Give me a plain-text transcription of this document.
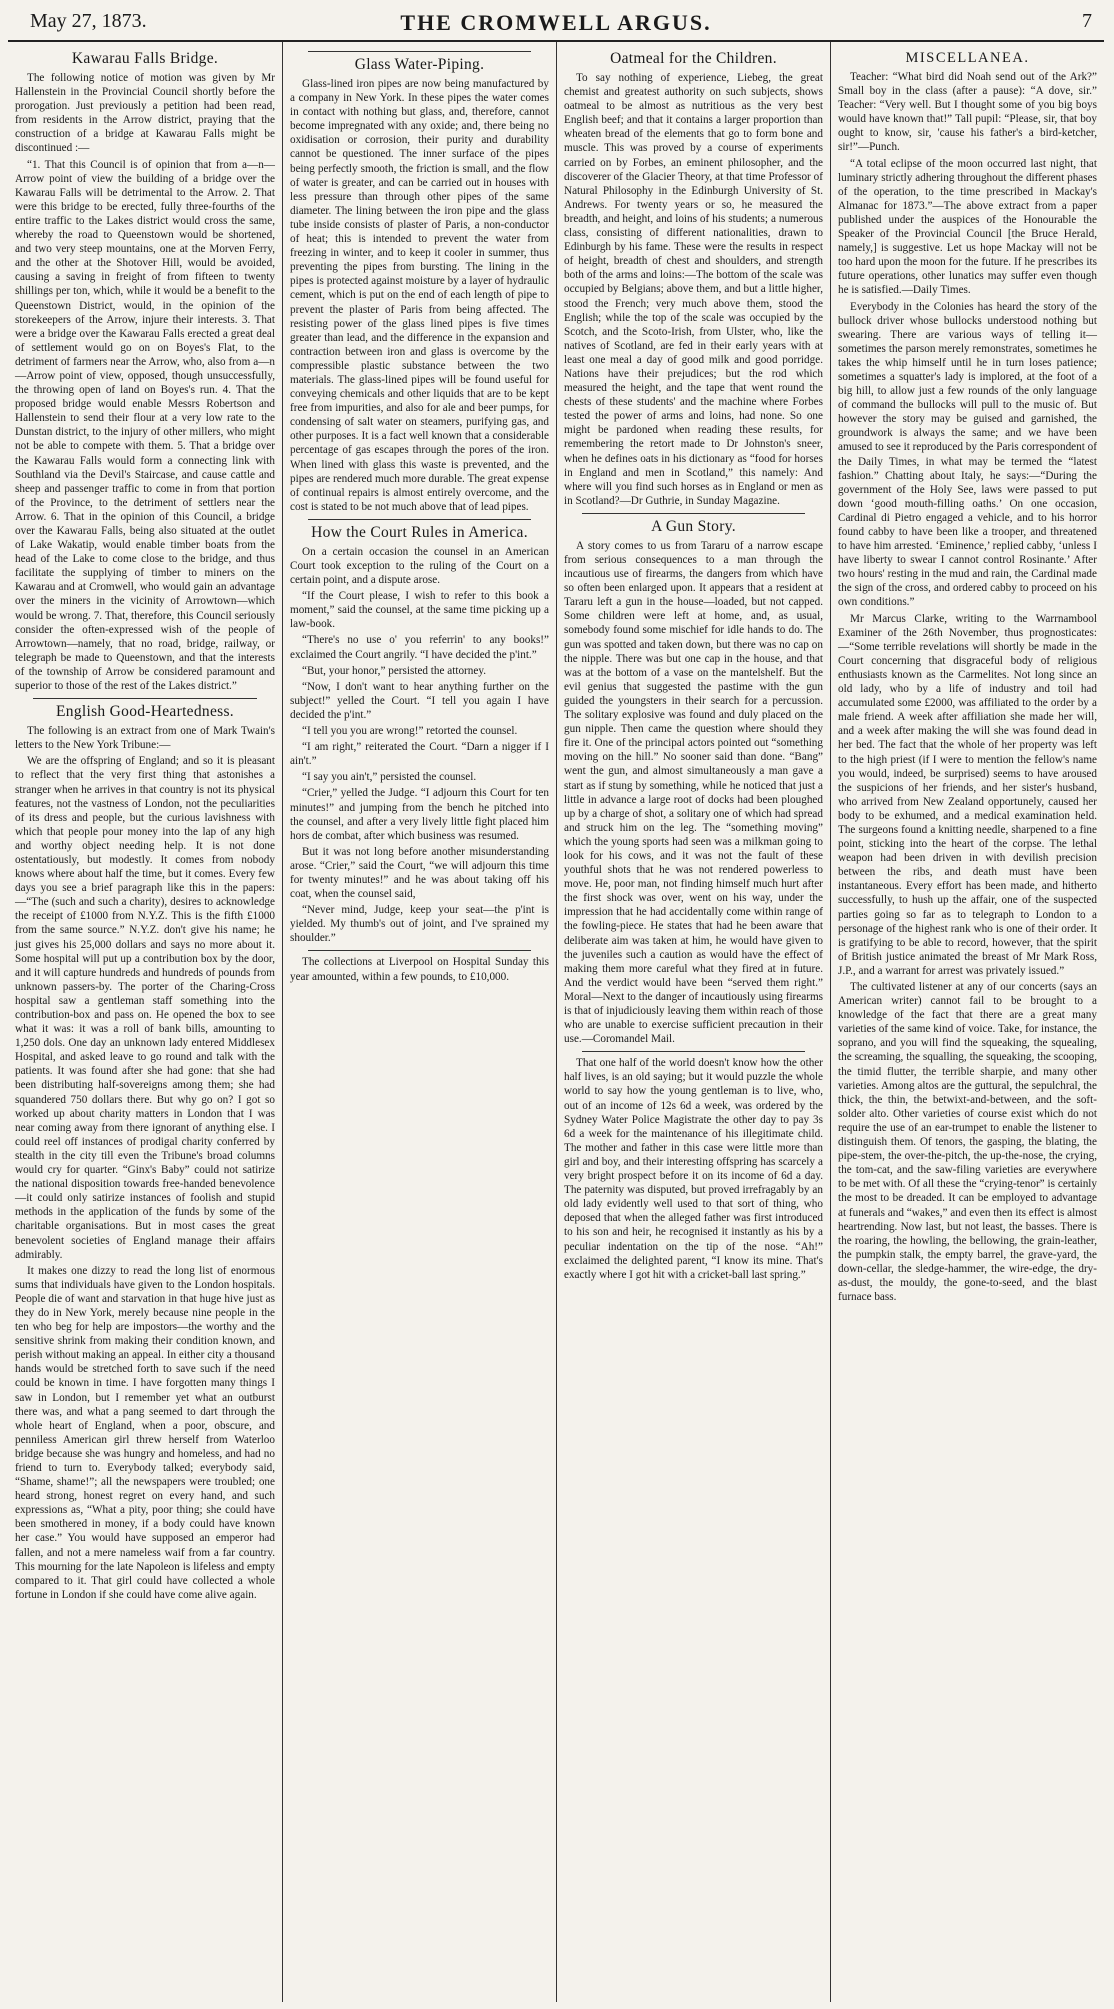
May 27, 1873.	THE CROMWELL ARGUS.	7
Kawarau Falls Bridge.

The following notice of motion was given by Mr Hallenstein in the Provincial Council shortly before the prorogation. Just previously a petition had been read, from residents in the Arrow district, praying that the construction of a bridge at Kawarau Falls might be discontinued :—

“1. That this Council is of opinion that from a—n—Arrow point of view the building of a bridge over the Kawarau Falls will be detrimental to the Arrow. 2. That were this bridge to be erected, fully three-fourths of the entire traffic to the Lakes district would cross the same, whereby the road to Queenstown would be shortened, and two very steep mountains, one at the Morven Ferry, and the other at the Shotover Hill, would be avoided, causing a saving in freight of from fifteen to twenty shillings per ton, which, while it would be a benefit to the Queenstown District, would, in the opinion of the storekeepers of the Arrow, injure their interests. 3. That were a bridge over the Kawarau Falls erected a great deal of settlement would go on on Boyes's Flat, to the detriment of farmers near the Arrow, who, also from a—n—Arrow point of view, opposed, though unsuccessfully, the throwing open of land on Boyes's run. 4. That the proposed bridge would enable Messrs Robertson and Hallenstein to send their flour at a very low rate to the Dunstan district, to the injury of other millers, who might not be able to compete with them. 5. That a bridge over the Kawarau Falls would form a connecting link with Southland via the Devil's Staircase, and cause cattle and sheep and passenger traffic to come in from that portion of the Province, to the detriment of settlers near the Arrow. 6. That in the opinion of this Council, a bridge over the Kawarau Falls, being also situated at the outlet of Lake Wakatip, would enable timber boats from the head of the Lake to come close to the bridge, and thus facilitate the supplying of timber to miners on the Kawarau and at Cromwell, who would gain an advantage over the miners in the vicinity of Arrowtown—which would be wrong. 7. That, therefore, this Council seriously consider the often-expressed wish of the people of Arrowtown—namely, that no road, bridge, railway, or telegraph be made to Queenstown, and that the interests of the township of Arrow be considered paramount and superior to those of the rest of the Lakes district.”

English Good-Heartedness.

The following is an extract from one of Mark Twain's letters to the New York Tribune:—

We are the offspring of England; and so it is pleasant to reflect that the very first thing that astonishes a stranger when he arrives in that country is not its physical features, not the vastness of London, not the peculiarities of its dress and people, but the curious lavishness with which that people pour money into the lap of any high and worthy object needing help. It is not done ostentatiously, but modestly. It comes from nobody knows where about half the time, but it comes. Every few days you see a brief paragraph like this in the papers:—“The (such and such a charity), desires to acknowledge the receipt of £1000 from N.Y.Z. This is the fifth £1000 from the same source.” N.Y.Z. don't give his name; he just gives his 25,000 dollars and says no more about it. Some hospital will put up a contribution box by the door, and it will capture hundreds and hundreds of pounds from unknown passers-by. The porter of the Charing-Cross hospital saw a gentleman staff something into the contribution-box and pass on. He opened the box to see what it was: it was a roll of bank bills, amounting to 1,250 dols. One day an unknown lady entered Middlesex Hospital, and asked leave to go round and talk with the patients. It was found after she had gone: that she had been distributing half-sovereigns among them; she had squandered 750 dollars there. But why go on? I got so worked up about charity matters in London that I was near coming away from there ignorant of anything else. I could reel off instances of prodigal charity conferred by stealth in the city till even the Tribune's broad columns would cry for quarter. “Ginx's Baby” could not satirize the national disposition towards free-handed benevolence—it could only satirize instances of foolish and stupid methods in the application of the funds by some of the charitable organisations. But in most cases the great benevolent societies of England manage their affairs admirably.

It makes one dizzy to read the long list of enormous sums that individuals have given to the London hospitals. People die of want and starvation in that huge hive just as they do in New York, merely because nine people in the ten who beg for help are impostors—the worthy and the sensitive shrink from making their condition known, and perish without making an appeal. In either city a thousand hands would be stretched forth to save such if the need could be known in time. I have forgotten many things I saw in London, but I remember yet what an outburst there was, and what a pang seemed to dart through the whole heart of England, when a poor, obscure, and penniless American girl threw herself from Waterloo bridge because she was hungry and homeless, and had no friend to turn to. Everybody talked; everybody said, “Shame, shame!”; all the newspapers were troubled; one heard strong, honest regret on every hand, and such expressions as, “What a pity, poor thing; she could have been smothered in money, if a body could have known her case.” You would have supposed an emperor had fallen, and not a mere nameless waif from a far country. This mourning for the late Napoleon is lifeless and empty compared to it. That girl could have collected a whole fortune in London if she could have come alive again.

Glass Water-Piping.

Glass-lined iron pipes are now being manufactured by a company in New York. In these pipes the water comes in contact with nothing but glass, and, therefore, cannot become impregnated with any oxide; and, there being no oxidisation or corrosion, their purity and durability cannot be questioned. The inner surface of the pipes being perfectly smooth, the friction is small, and the flow of water is greater, and can be carried out in houses with less pressure than through other pipes of the same diameter. The lining between the iron pipe and the glass tube inside consists of plaster of Paris, a non-conductor of heat; this is intended to prevent the water from freezing in winter, and to keep it cooler in summer, thus preventing the pipes from bursting. The lining in the pipes is protected against moisture by a layer of hydraulic cement, which is put on the end of each length of pipe to prevent the plaster of Paris from being affected. The resisting power of the glass lined pipes is five times greater than lead, and the difference in the expansion and contraction between iron and glass is overcome by the compressible plastic substance between the two materials. The glass-lined pipes will be found useful for conveying chemicals and other liquids that are to be kept free from impurities, and also for ale and beer pumps, for condensing of salt water on steamers, purifying gas, and other purposes. It is a fact well known that a considerable percentage of gas escapes through the pores of the iron. When lined with glass this waste is prevented, and the pipes are rendered much more durable. The great expense of continual repairs is almost entirely overcome, and the cost is stated to be not much above that of lead pipes.

How the Court Rules in America.

On a certain occasion the counsel in an American Court took exception to the ruling of the Court on a certain point, and a dispute arose.

“If the Court please, I wish to refer to this book a moment,” said the counsel, at the same time picking up a law-book.

“There's no use o' you referrin' to any books!” exclaimed the Court angrily. “I have decided the p'int.”

“But, your honor,” persisted the attorney.

“Now, I don't want to hear anything further on the subject!” yelled the Court. “I tell you again I have decided the p'int.”

“I tell you you are wrong!” retorted the counsel.

“I am right,” reiterated the Court. “Darn a nigger if I ain't.”

“I say you ain't,” persisted the counsel.

“Crier,” yelled the Judge. “I adjourn this Court for ten minutes!” and jumping from the bench he pitched into the counsel, and after a very lively little fight placed him hors de combat, after which business was resumed.

But it was not long before another misunderstanding arose. “Crier,” said the Court, “we will adjourn this time for twenty minutes!” and he was about taking off his coat, when the counsel said,

“Never mind, Judge, keep your seat—the p'int is yielded. My thumb's out of joint, and I've sprained my shoulder.”

The collections at Liverpool on Hospital Sunday this year amounted, within a few pounds, to £10,000.

Oatmeal for the Children.

To say nothing of experience, Liebeg, the great chemist and greatest authority on such subjects, shows oatmeal to be almost as nutritious as the very best English beef; and that it contains a larger proportion than wheaten bread of the elements that go to form bone and muscle. This was proved by a course of experiments carried on by Forbes, an eminent philosopher, and the discoverer of the Glacier Theory, at that time Professor of Natural Philosophy in the Edinburgh University of St. Andrews. For twenty years or so, he measured the breadth, and height, and loins of his students; a numerous class, consisting of different nationalities, drawn to Edinburgh by his fame. These were the results in respect of height, breadth of chest and shoulders, and strength both of the arms and loins:—The bottom of the scale was occupied by Belgians; above them, and but a little higher, stood the French; very much above them, stood the English; while the top of the scale was occupied by the Scotch, and the Scoto-Irish, from Ulster, who, like the natives of Scotland, are fed in their early years with at least one meal a day of good milk and good porridge. Nations have their prejudices; but the rod which measured the height, and the tape that went round the chests of these students' and the machine where Forbes tested the power of arms and loins, had none. So one might be pardoned when reading these results, for remembering the retort made to Dr Johnston's sneer, when he defines oats in his dictionary as “food for horses in England and men in Scotland,” this namely: And where will you find such horses as in England or men as in Scotland?—Dr Guthrie, in Sunday Magazine.

A Gun Story.

A story comes to us from Tararu of a narrow escape from serious consequences to a man through the incautious use of firearms, the dangers from which have so often been enlarged upon. It appears that a resident at Tararu left a gun in the house—loaded, but not capped. Some children were left at home, and, as usual, somebody found some mischief for idle hands to do. The gun was spotted and taken down, but there was no cap on the nipple. There was but one cap in the house, and that was at the bottom of a vase on the mantelshelf. But the evil genius that suggested the pastime with the gun guided the youngsters in their search for a percussion. The solitary explosive was found and duly placed on the gun nipple. Then came the question where should they fire it. One of the principal actors pointed out “something moving on the hill.” No sooner said than done. “Bang” went the gun, and almost simultaneously a man gave a start as if stung by something, while he noticed that just a little in advance a large root of docks had been ploughed up by a charge of shot, a solitary one of which had spread and struck him on the leg. The “something moving” which the young sports had seen was a milkman going to look for his cows, and it was not the fault of these youthful shots that he was not rendered powerless to move. He, poor man, not finding himself much hurt after the first shock was over, went on his way, under the impression that he had accidentally come within range of the fowling-piece. He states that had he been aware that deliberate aim was taken at him, he would have given to the juveniles such a caution as would have the effect of making them more careful what they fired at in future. And the verdict would have been “served them right.” Moral—Next to the danger of incautiously using firearms is that of injudiciously leaving them within reach of those who are unable to exercise sufficient precaution in their use.—Coromandel Mail.

That one half of the world doesn't know how the other half lives, is an old saying; but it would puzzle the whole world to say how the young gentleman is to live, who, out of an income of 12s 6d a week, was ordered by the Sydney Water Police Magistrate the other day to pay 3s 6d a week for the maintenance of his illegitimate child. The mother and father in this case were little more than girl and boy, and their interesting offspring has scarcely a very bright prospect before it on its income of 6d a day. The paternity was disputed, but proved irrefragably by an old lady evidently well used to that sort of thing, who deposed that when the alleged father was first introduced to his son and heir, he recognised it instantly as his by a peculiar indentation on the tip of the nose. “Ah!” exclaimed the delighted parent, “I know its mine. That's exactly where I got hit with a cricket-ball last spring.”

MISCELLANEA.

Teacher: “What bird did Noah send out of the Ark?” Small boy in the class (after a pause): “A dove, sir.” Teacher: “Very well. But I thought some of you big boys would have known that!” Tall pupil: “Please, sir, that boy ought to know, sir, 'cause his father's a bird-ketcher, sir!”—Punch.

“A total eclipse of the moon occurred last night, that luminary strictly adhering throughout the different phases of the operation, to the time prescribed in Mackay's Almanac for 1873.”—The above extract from a paper published under the auspices of the Honourable the Speaker of the Provincial Council [the Bruce Herald, namely,] is suggestive. Let us hope Mackay will not be too hard upon the moon for the future. If he prescribes its future operations, other lunatics may suffer even though he is satisfied.—Daily Times.

Everybody in the Colonies has heard the story of the bullock driver whose bullocks understood nothing but swearing. There are various ways of telling it—sometimes the parson merely remonstrates, sometimes he takes the whip himself until he in turn loses patience; sometimes a squatter's lady is implored, at the foot of a big hill, to allow just a few rounds of the only language of command the bullocks will pull to the music of. But however the story may be guised and garnished, the groundwork is always the same; and we have been amused to see it reproduced by the Paris correspondent of the Daily Times, in what may be termed the “latest fashion.” Chatting about Italy, he says:—“During the government of the Holy See, laws were passed to put down ‘good mouth-filling oaths.’ On one occasion, Cardinal di Pietro engaged a vehicle, and to his horror found cabby to have been like a trooper, and threatened to have him arrested. ‘Eminence,’ replied cabby, ‘unless I have liberty to swear I cannot control Rosinante.’ After two hours' resting in the mud and rain, the Cardinal made the sign of the cross, and ordered cabby to proceed on his own conditions.”

Mr Marcus Clarke, writing to the Warrnambool Examiner of the 26th November, thus prognosticates:—“Some terrible revelations will shortly be made in the Court concerning that disgraceful body of religious enthusiasts known as the Carmelites. Not long since an old lady, who by a life of industry and toil had accumulated some £2000, was affiliated to the order by a male friend. A week after affiliation she made her will, and a week after making the will she was found dead in her bed. The fact that the whole of her property was left to the high priest (if I were to mention the fellow's name you would, indeed, be surprised) seems to have aroused the suspicions of her friends, and her sister's husband, who arrived from New Zealand opportunely, caused her body to be exhumed, and a medical examination held. The surgeons found a knitting needle, sharpened to a fine point, sticking into the heart of the corpse. The lethal weapon had been driven in with devilish precision between the ribs, and death must have been instantaneous. Every effort has been made, and hitherto successfully, to hush up the affair, one of the suspected parties going so far as to telegraph to London to a personage of the highest rank who is one of their order. It is gratifying to be able to record, however, that the spirit of British justice animated the breast of Mr Mark Ross, J.P., and a warrant for arrest was privately issued.”

The cultivated listener at any of our concerts (says an American writer) cannot fail to be brought to a knowledge of the fact that there are a great many varieties of the same kind of voice. Take, for instance, the soprano, and you will find the squeaking, the squealing, the screaming, the squalling, the squeaking, the scooping, the timid flutter, the terrible sharpie, and many other varieties. Among altos are the guttural, the sepulchral, the thick, the thin, the betwixt-and-between, and the soft-solder alto. Other varieties of course exist which do not require the use of an ear-trumpet to enable the listener to distinguish them. Of tenors, the gasping, the blating, the pipe-stem, the over-the-pitch, the up-the-nose, the crying, the tom-cat, and the saw-filing varieties are everywhere to be met with. Of all these the “crying-tenor” is certainly the most to be dreaded. It can be employed to advantage at funerals and “wakes,” and even then its effect is almost heartrending. Now last, but not least, the basses. There is the roaring, the howling, the bellowing, the grain-leather, the pumpkin stalk, the empty barrel, the grave-yard, the down-cellar, the sledge-hammer, the wire-edge, the dry-as-dust, the mouldy, the gone-to-seed, and the blast furnace bass.
